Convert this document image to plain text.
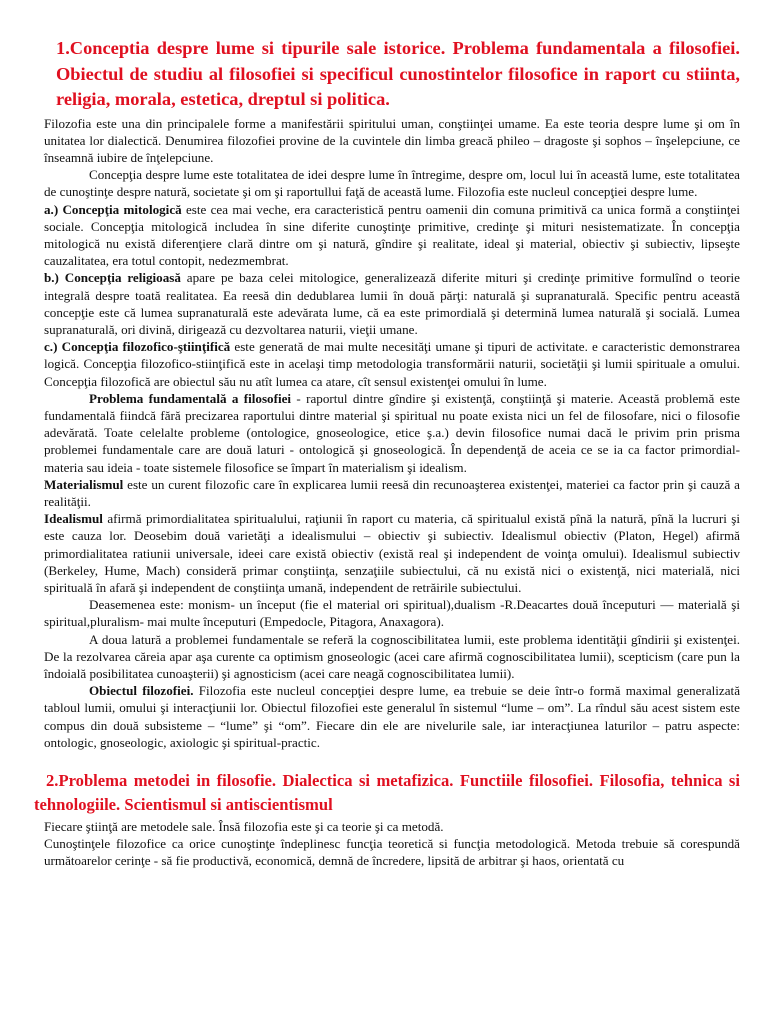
1.Conceptia despre lume si tipurile sale istorice. Problema fundamentala a filosofiei. Obiectul de studiu al filosofiei si specificul cunostintelor filosofice in raport cu stiinta, religia, morala, estetica, dreptul si politica.

Filozofia este una din principalele forme a manifestării spiritului uman, conştiinţei umame. Ea este teoria despre lume şi om în unitatea lor dialectică. Denumirea filozofiei provine de la cuvintele din limba greacă phileo – dragoste şi sophos – înşelepciune, ce înseamnă iubire de înţelepciune.

Concepţia despre lume este totalitatea de idei despre lume în întregime, despre om, locul lui în această lume, este totalitatea de cunoştinţe despre natură, societate şi om şi raportullui faţă de această lume. Filozofia este nucleul concepţiei despre lume.

a.) Concepţia mitologică este cea mai veche, era caracteristică pentru oamenii din comuna primitivă ca unica formă a conştiinţei sociale. Concepţia mitologică includea în sine diferite cunoştinţe primitive, credinţe şi mituri nesistematizate. În concepţia mitologică nu există diferenţiere clară dintre om şi natură, gîndire şi realitate, ideal şi material, obiectiv şi subiectiv, lipseşte cauzalitatea, era totul contopit, nedezmembrat.

b.) Concepţia religioasă apare pe baza celei mitologice, generalizează diferite mituri şi credinţe primitive formulînd o teorie integrală despre toată realitatea. Ea reesă din dedublarea lumii în două părţi: naturală şi supranaturală. Specific pentru această concepţie este că lumea supranaturală este adevărata lume, că ea este primordială şi determină lumea naturală şi socială. Lumea supranaturală, ori divină, dirigează cu dezvoltarea naturii, vieţii umane.

c.) Concepţia filozofico-ştiinţifică este generată de mai multe necesităţi umane şi tipuri de activitate. e caracteristic demonstrarea logică. Concepţia filozofico-stiinţifică este in acelaşi timp metodologia transformării naturii, societăţii şi lumii spirituale a omului. Concepţia filozofică are obiectul său nu atît lumea ca atare, cît sensul existenţei omului în lume.

Problema fundamentală a filosofiei - raportul dintre gîndire şi existenţă, conştiinţă şi materie. Această problemă este fundamentală fiindcă fără precizarea raportului dintre material şi spiritual nu poate exista nici un fel de filosofare, nici o filosofie adevărată. Toate celelalte probleme (ontologice, gnoseologice, etice ş.a.) devin filosofice numai dacă le privim prin prisma problemei fundamentale care are două laturi - ontologică şi gnoseologică. În dependenţă de aceia ce se ia ca factor primordial- materia sau ideia - toate sistemele filosofice se împart în materialism şi idealism.

Materialismul este un curent filozofic care în explicarea lumii reesă din recunoaşterea existenţei, materiei ca factor prin şi cauză a realităţii.

Idealismul afirmă primordialitatea spiritualului, raţiunii în raport cu materia, că spiritualul există pînă la natură, pînă la lucruri şi este cauza lor. Deosebim două varietăţi a idealismului – obiectiv şi subiectiv. Idealismul obiectiv (Platon, Hegel) afirmă primordialitatea ratiunii universale, ideei care există obiectiv (există real şi independent de voinţa omului). Idealismul subiectiv (Berkeley, Hume, Mach) consideră primar conştiinţa, senzaţiile subiectului, că nu există nici o existenţă, nici materială, nici spirituală în afară şi independent de conştiinţa umană, independent de retrăirile subiectului.

Deasemenea este: monism- un început (fie el material ori spiritual),dualism -R.Deacartes două începuturi — materială şi spiritual,pluralism- mai multe începuturi (Empedocle, Pitagora, Anaxagora).

A doua latură a problemei fundamentale se referă la cognoscibilitatea lumii, este problema identităţii gîndirii şi existenţei. De la rezolvarea căreia apar aşa curente ca optimism gnoseologic (acei care afirmă cognoscibilitatea lumii), scepticism (care pun la îndoială posibilitatea cunoaşterii) şi agnosticism (acei care neagă cognoscibilitatea lumii).

Obiectul filozofiei. Filozofia este nucleul concepţiei despre lume, ea trebuie se deie într-o formă maximal generalizată tabloul lumii, omului şi interacţiunii lor. Obiectul filozofiei este generalul în sistemul “lume – om”. La rîndul său acest sistem este compus din două subsisteme – “lume” şi “om”. Fiecare din ele are nivelurile sale, iar interacţiunea laturilor – patru aspecte: ontologic, gnoseologic, axiologic şi spiritual-practic.

2.Problema metodei in filosofie. Dialectica si metafizica. Functiile filosofiei. Filosofia, tehnica si tehnologiile. Scientismul si antiscientismul

Fiecare ştiinţă are metodele sale. Însă filozofia este şi ca teorie şi ca metodă.

Cunoştinţele filozofice ca orice cunoştinţe îndeplinesc funcţia teoretică si funcţia metodologică. Metoda trebuie să corespundă următoarelor cerinţe - să fie productivă, economică, demnă de încredere, lipsită de arbitrar şi haos, orientată cu
